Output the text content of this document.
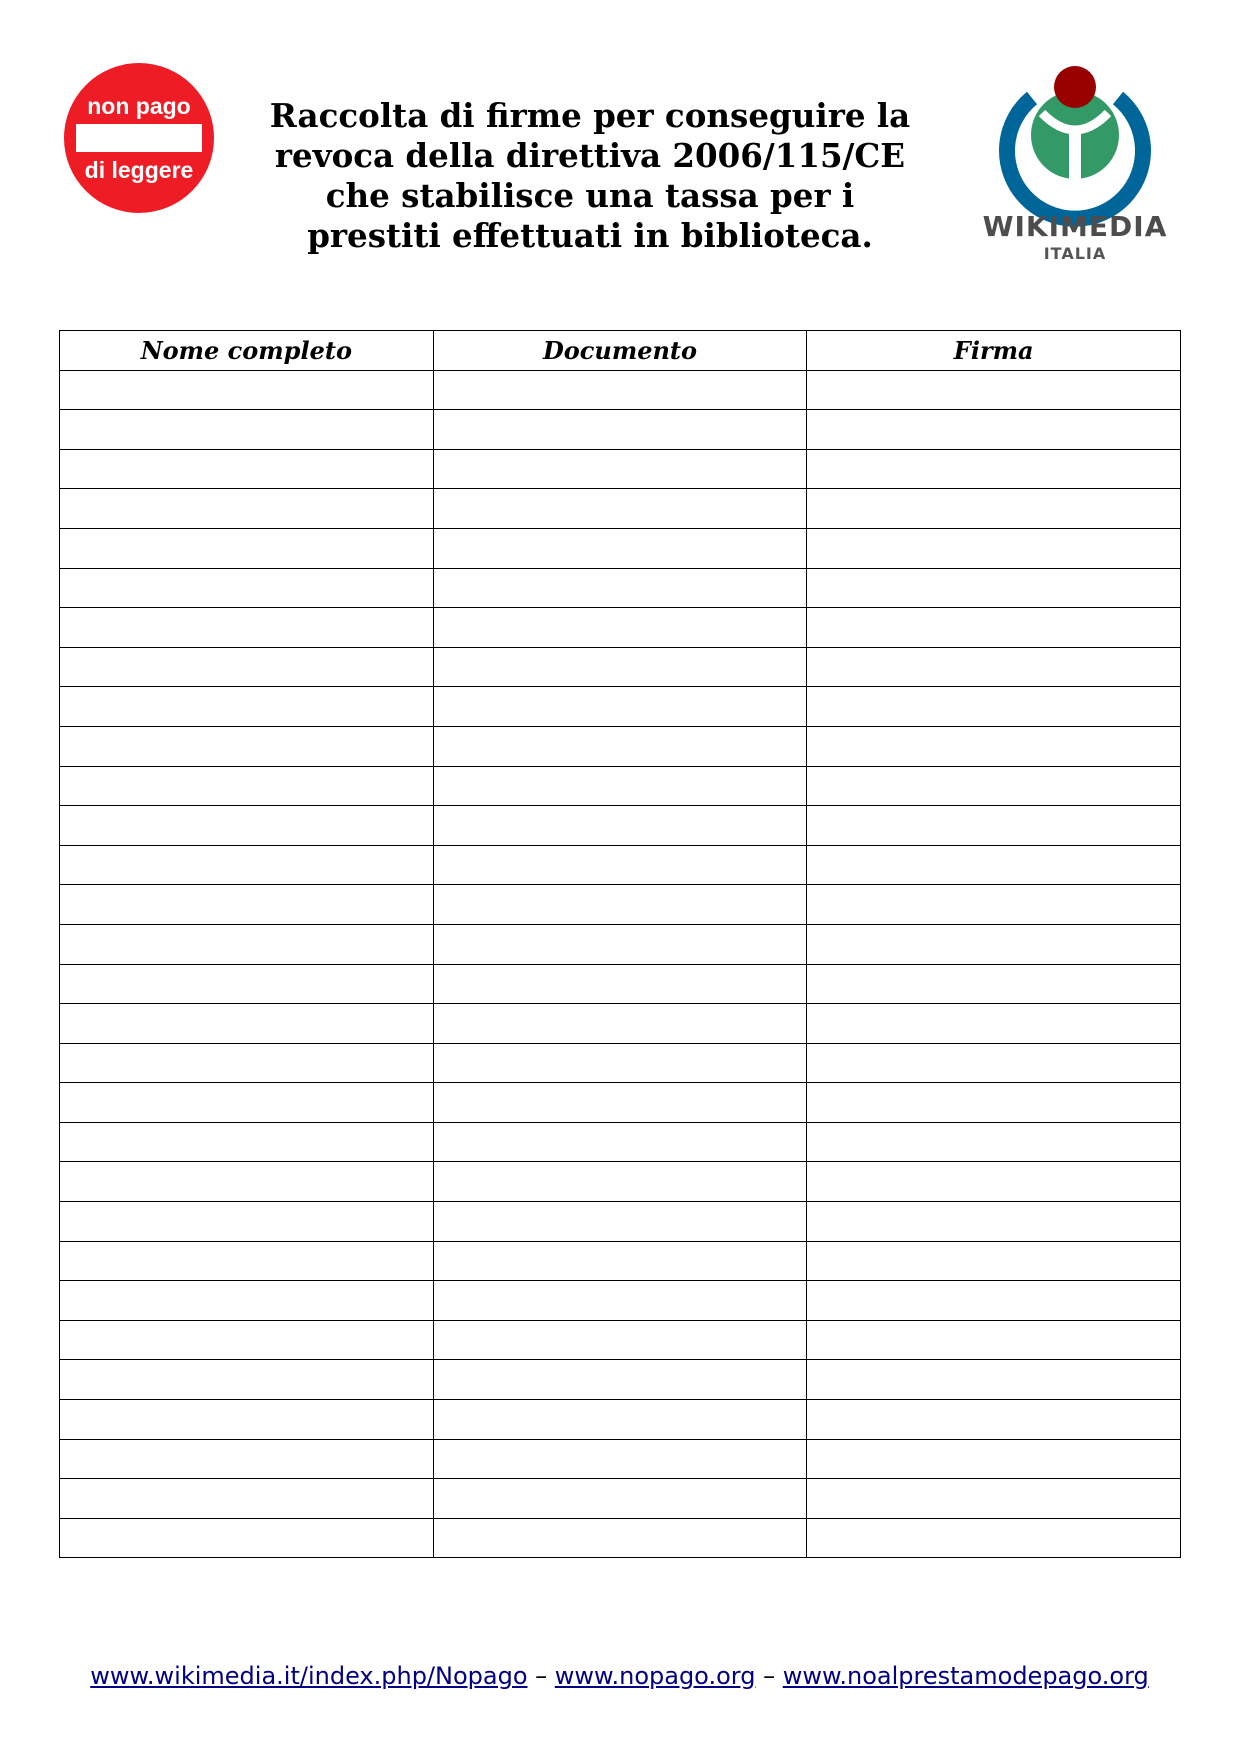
non pago
di leggere
Raccolta di firme per conseguire la
revoca della direttiva 2006/115/CE
che stabilisce una tassa per i
prestiti effettuati in biblioteca.	WIKIMEDIA
ITALIA
Nome completo	Documento	Firma

www.wikimedia.it/index.php/Nopago – www.nopago.org – www.noalprestamodepago.org
